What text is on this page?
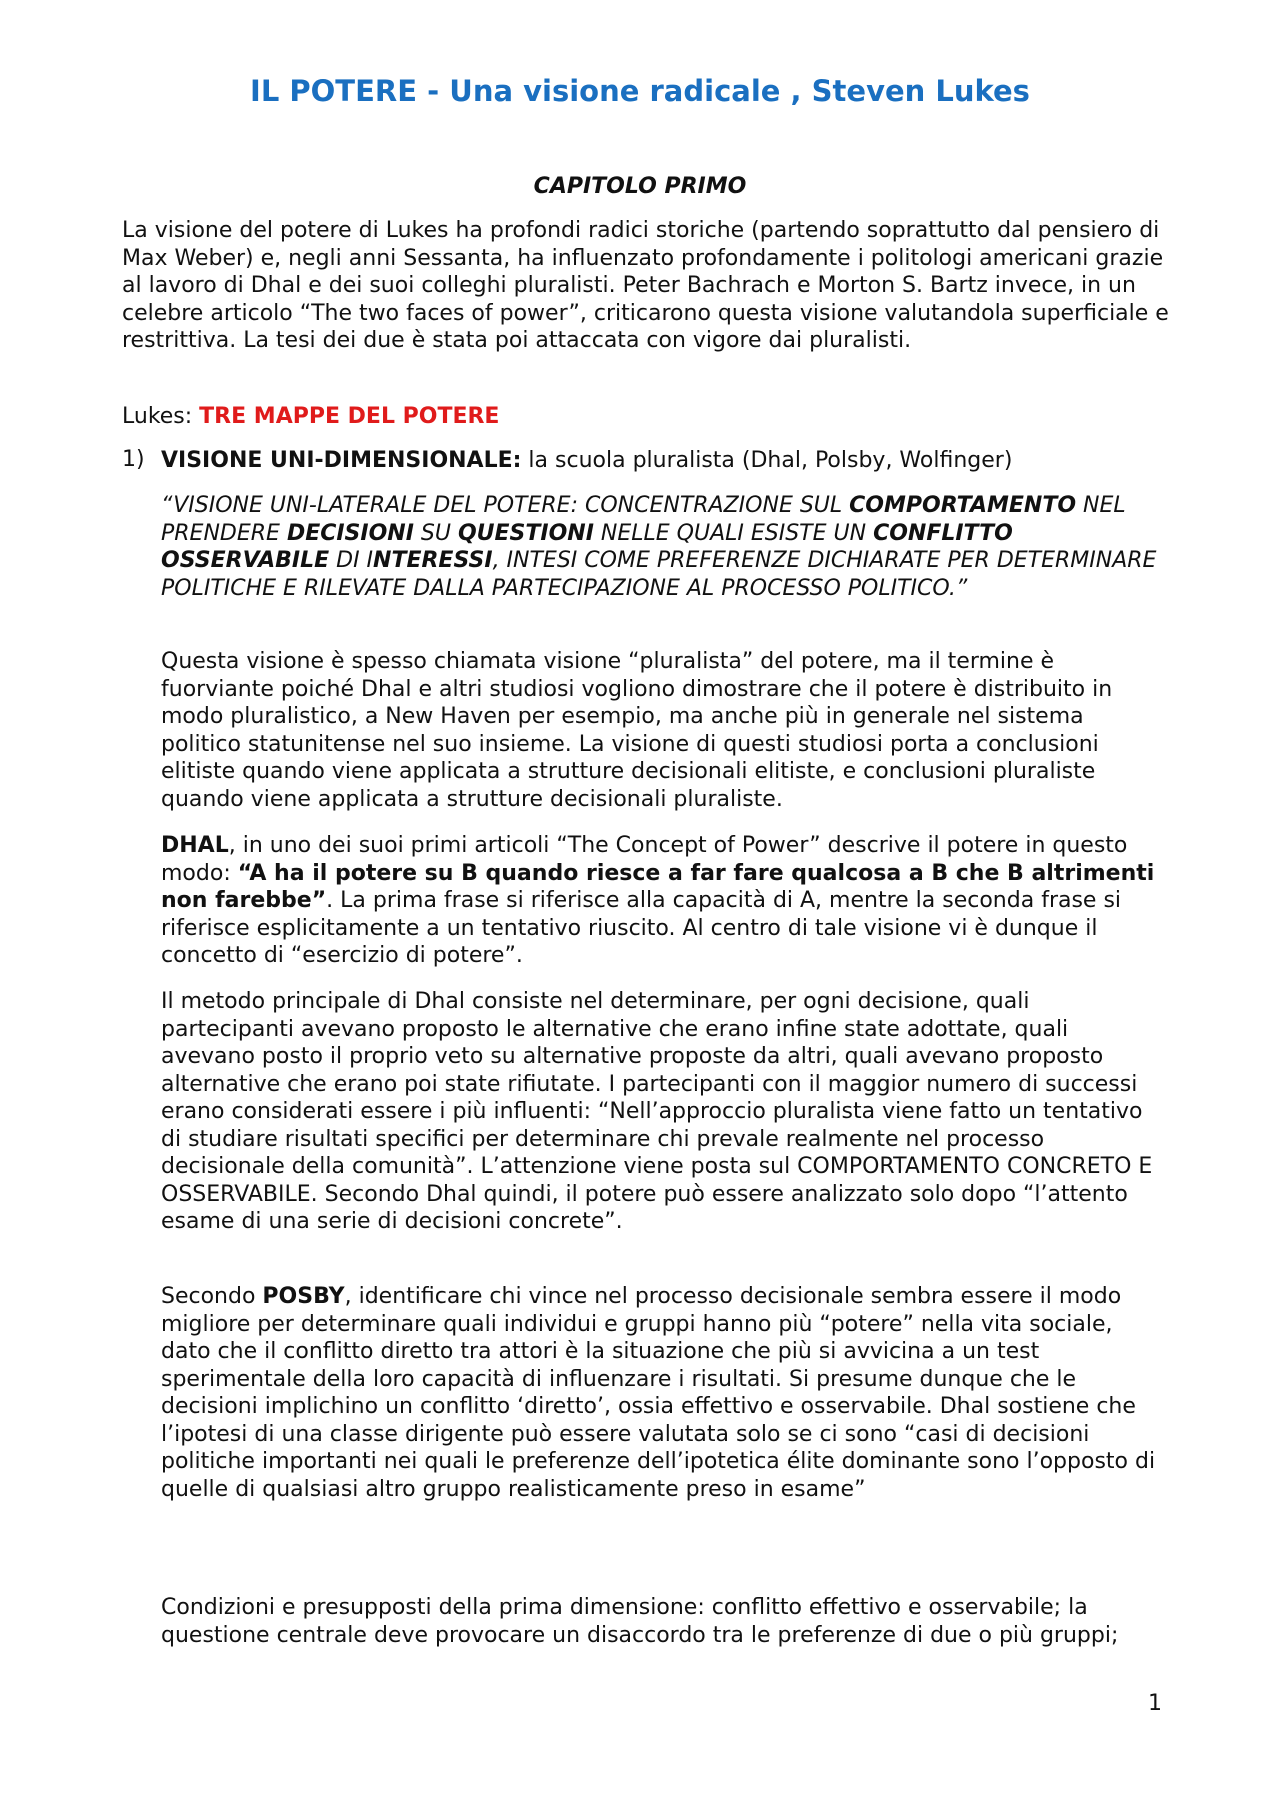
IL POTERE - Una visione radicale , Steven Lukes
CAPITOLO PRIMO

La visione del potere di Lukes ha profondi radici storiche (partendo soprattutto dal pensiero di Max Weber) e, negli anni Sessanta, ha influenzato profondamente i politologi americani grazie al lavoro di Dhal e dei suoi colleghi pluralisti. Peter Bachrach e Morton S. Bartz invece, in un celebre articolo “The two faces of power”, criticarono questa visione valutandola superficiale e restrittiva. La tesi dei due è stata poi attaccata con vigore dai pluralisti.

Lukes: TRE MAPPE DEL POTERE

1) VISIONE UNI-DIMENSIONALE: la scuola pluralista (Dhal, Polsby, Wolfinger)

“VISIONE UNI-LATERALE DEL POTERE: CONCENTRAZIONE SUL COMPORTAMENTO NEL PRENDERE DECISIONI SU QUESTIONI NELLE QUALI ESISTE UN CONFLITTO OSSERVABILE DI INTERESSI, INTESI COME PREFERENZE DICHIARATE PER DETERMINARE POLITICHE E RILEVATE DALLA PARTECIPAZIONE AL PROCESSO POLITICO.”

Questa visione è spesso chiamata visione “pluralista” del potere, ma il termine è fuorviante poiché Dhal e altri studiosi vogliono dimostrare che il potere è distribuito in modo pluralistico, a New Haven per esempio, ma anche più in generale nel sistema politico statunitense nel suo insieme. La visione di questi studiosi porta a conclusioni elitiste quando viene applicata a strutture decisionali elitiste, e conclusioni pluraliste quando viene applicata a strutture decisionali pluraliste.

DHAL, in uno dei suoi primi articoli “The Concept of Power” descrive il potere in questo modo: “A ha il potere su B quando riesce a far fare qualcosa a B che B altrimenti non farebbe”. La prima frase si riferisce alla capacità di A, mentre la seconda frase si riferisce esplicitamente a un tentativo riuscito. Al centro di tale visione vi è dunque il concetto di “esercizio di potere”.

Il metodo principale di Dhal consiste nel determinare, per ogni decisione, quali partecipanti avevano proposto le alternative che erano infine state adottate, quali avevano posto il proprio veto su alternative proposte da altri, quali avevano proposto alternative che erano poi state rifiutate. I partecipanti con il maggior numero di successi erano considerati essere i più influenti: “Nell’approccio pluralista viene fatto un tentativo di studiare risultati specifici per determinare chi prevale realmente nel processo decisionale della comunità”. L’attenzione viene posta sul COMPORTAMENTO CONCRETO E OSSERVABILE. Secondo Dhal quindi, il potere può essere analizzato solo dopo “l’attento esame di una serie di decisioni concrete”.

Secondo POSBY, identificare chi vince nel processo decisionale sembra essere il modo migliore per determinare quali individui e gruppi hanno più “potere” nella vita sociale, dato che il conflitto diretto tra attori è la situazione che più si avvicina a un test sperimentale della loro capacità di influenzare i risultati. Si presume dunque che le decisioni implichino un conflitto ‘diretto’, ossia effettivo e osservabile. Dhal sostiene che l’ipotesi di una classe dirigente può essere valutata solo se ci sono “casi di decisioni politiche importanti nei quali le preferenze dell’ipotetica élite dominante sono l’opposto di quelle di qualsiasi altro gruppo realisticamente preso in esame”

Condizioni e presupposti della prima dimensione: conflitto effettivo e osservabile; la questione centrale deve provocare un disaccordo tra le preferenze di due o più gruppi;

1
